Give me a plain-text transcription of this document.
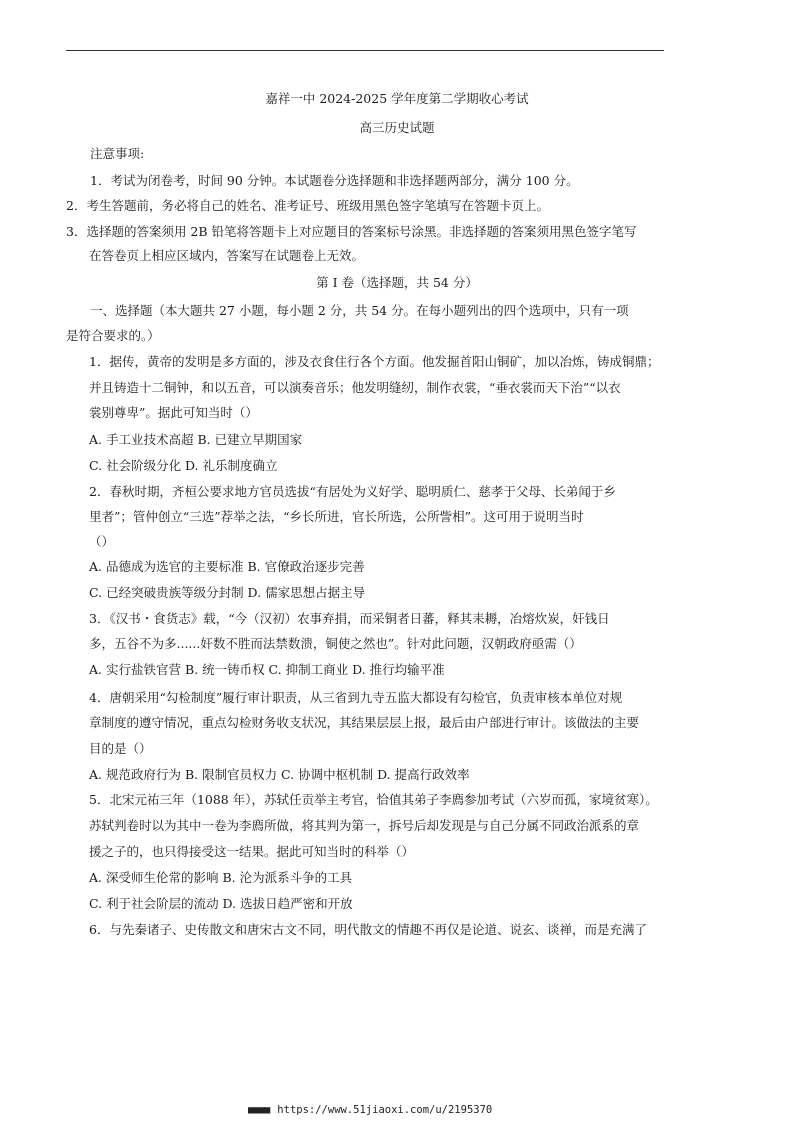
嘉祥一中 2024-2025 学年度第二学期收心考试
高三历史试题
注意事项:
1．考试为闭卷考，时间 90 分钟。本试题卷分选择题和非选择题两部分，满分 100 分。
2．考生答题前，务必将自己的姓名、准考证号、班级用黑色签字笔填写在答题卡页上。
3．选择题的答案须用 2B 铅笔将答题卡上对应题目的答案标号涂黑。非选择题的答案须用黑色签字笔写
在答卷页上相应区域内，答案写在试题卷上无效。
第 I 卷（选择题，共 54 分）
一、选择题（本大题共 27 小题，每小题 2 分，共 54 分。在每小题列出的四个选项中，只有一项
是符合要求的。）
1．据传，黄帝的发明是多方面的，涉及衣食住行各个方面。他发掘首阳山铜矿，加以冶炼，铸成铜鼎；
并且铸造十二铜钟，和以五音，可以演奏音乐；他发明缝纫，制作衣裳，“垂衣裳而天下治”“以衣
裳别尊卑”。据此可知当时（）
A. 手工业技术高超 B. 已建立早期国家
C. 社会阶级分化 D. 礼乐制度确立
2．春秋时期，齐桓公要求地方官员选拔“有居处为义好学、聪明质仁、慈孝于父母、长弟闻于乡
里者”；管仲创立“三选”荐举之法，“乡长所进，官长所选，公所訾相”。这可用于说明当时
（）
A. 品德成为选官的主要标准 B. 官僚政治逐步完善
C. 已经突破贵族等级分封制 D. 儒家思想占据主导
3．《汉书・食货志》载，“今（汉初）农事弃捐，而采铜者日蕃，释其耒耨，冶熔炊炭，奸钱日
多，五谷不为多......奸数不胜而法禁数溃，铜使之然也”。针对此问题，汉朝政府亟需（）
A. 实行盐铁官营 B. 统一铸币权 C. 抑制工商业 D. 推行均输平准
4．唐朝采用“勾检制度”履行审计职责，从三省到九寺五监大都设有勾检官，负责审核本单位对规
章制度的遵守情况，重点勾检财务收支状况，其结果层层上报，最后由户部进行审计。该做法的主要
目的是（）
A. 规范政府行为 B. 限制官员权力 C. 协调中枢机制 D. 提高行政效率
5．北宋元祐三年（1088 年），苏轼任贡举主考官，恰值其弟子李廌参加考试（六岁而孤，家境贫寒）。
苏轼判卷时以为其中一卷为李廌所做，将其判为第一，拆号后却发现是与自己分属不同政治派系的章
援之子的，也只得接受这一结果。据此可知当时的科举（）
A. 深受师生伦常的影响 B. 沦为派系斗争的工具
C. 利于社会阶层的流动 D. 选拔日趋严密和开放
6．与先秦诸子、史传散文和唐宋古文不同，明代散文的情趣不再仅是论道、说玄、谈禅，而是充满了
■■■■ https://www.51jiaoxi.com/u/2195370
